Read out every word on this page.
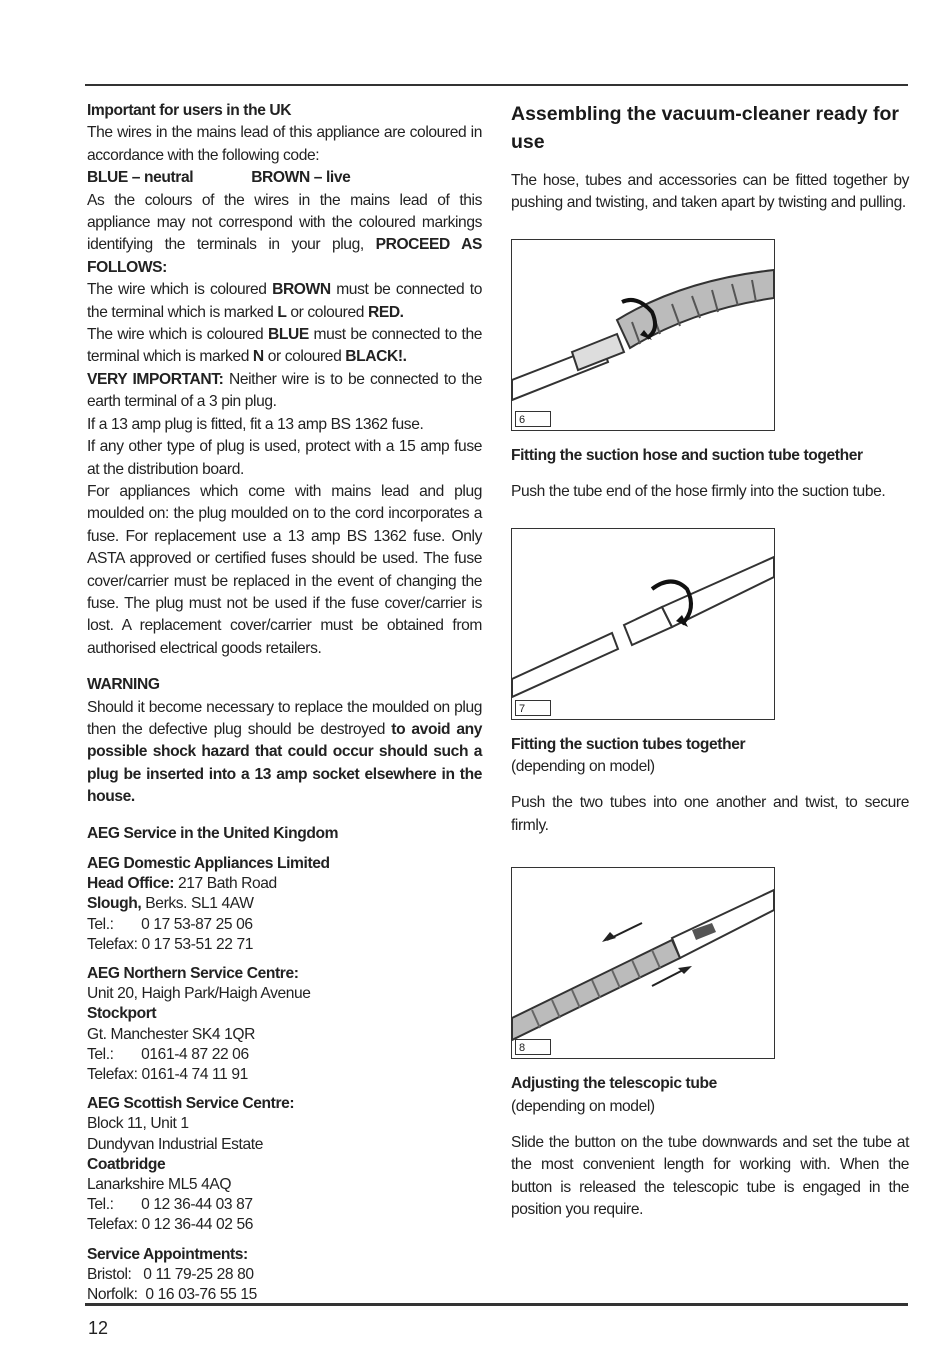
Important for users in the UK

The wires in the mains lead of this appliance are coloured in accordance with the following code:

BLUE – neutral	BROWN – live

As the colours of the wires in the mains lead of this appliance may not correspond with the coloured markings identifying the terminals in your plug, PROCEED AS FOLLOWS:

The wire which is coloured BROWN must be connected to the terminal which is marked L or coloured RED.

The wire which is coloured BLUE must be connected to the terminal which is marked N or coloured BLACK!.

VERY IMPORTANT: Neither wire is to be connected to the earth terminal of a 3 pin plug.

If a 13 amp plug is fitted, fit a 13 amp BS 1362 fuse.

If any other type of plug is used, protect with a 15 amp fuse at the distribution board.

For appliances which come with mains lead and plug moulded on: the plug moulded on to the cord incorporates a fuse. For replacement use a 13 amp BS 1362 fuse. Only ASTA approved or certified fuses should be used. The fuse cover/carrier must be replaced in the event of changing the fuse. The plug must not be used if the fuse cover/carrier is lost. A replacement cover/carrier must be obtained from authorised electrical goods retailers.

WARNING

Should it become necessary to replace the moulded on plug then the defective plug should be destroyed to avoid any possible shock hazard that could occur should such a plug be inserted into a 13 amp socket elsewhere in the house.

AEG Service in the United Kingdom

AEG Domestic Appliances Limited

Head Office: 217 Bath Road

Slough, Berks. SL1 4AW

Tel.:       0 17 53-87 25 06

Telefax: 0 17 53-51 22 71

AEG Northern Service Centre:

Unit 20, Haigh Park/Haigh Avenue

Stockport

Gt. Manchester SK4 1QR

Tel.:       0161-4 87 22 06

Telefax: 0161-4 74 11 91

AEG Scottish Service Centre:

Block 11, Unit 1

Dundyvan Industrial Estate

Coatbridge

Lanarkshire ML5 4AQ

Tel.:       0 12 36-44 03 87

Telefax: 0 12 36-44 02 56

Service Appointments:

Bristol:   0 11 79-25 28 80

Norfolk:  0 16 03-76 55 15

Assembling the vacuum-cleaner ready for use

The hose, tubes and accessories can be fitted together by pushing and twisting, and taken apart by twisting and pulling.

6

Fitting the suction hose and suction tube together

Push the tube end of the hose firmly into the suction tube.

7

Fitting the suction tubes together

(depending on model)

Push the two tubes into one another and twist, to secure firmly.

8

Adjusting the telescopic tube

(depending on model)

Slide the button on the tube downwards and set the tube at the most convenient length for working with. When the button is released the telescopic tube is engaged in the position you require.

12
